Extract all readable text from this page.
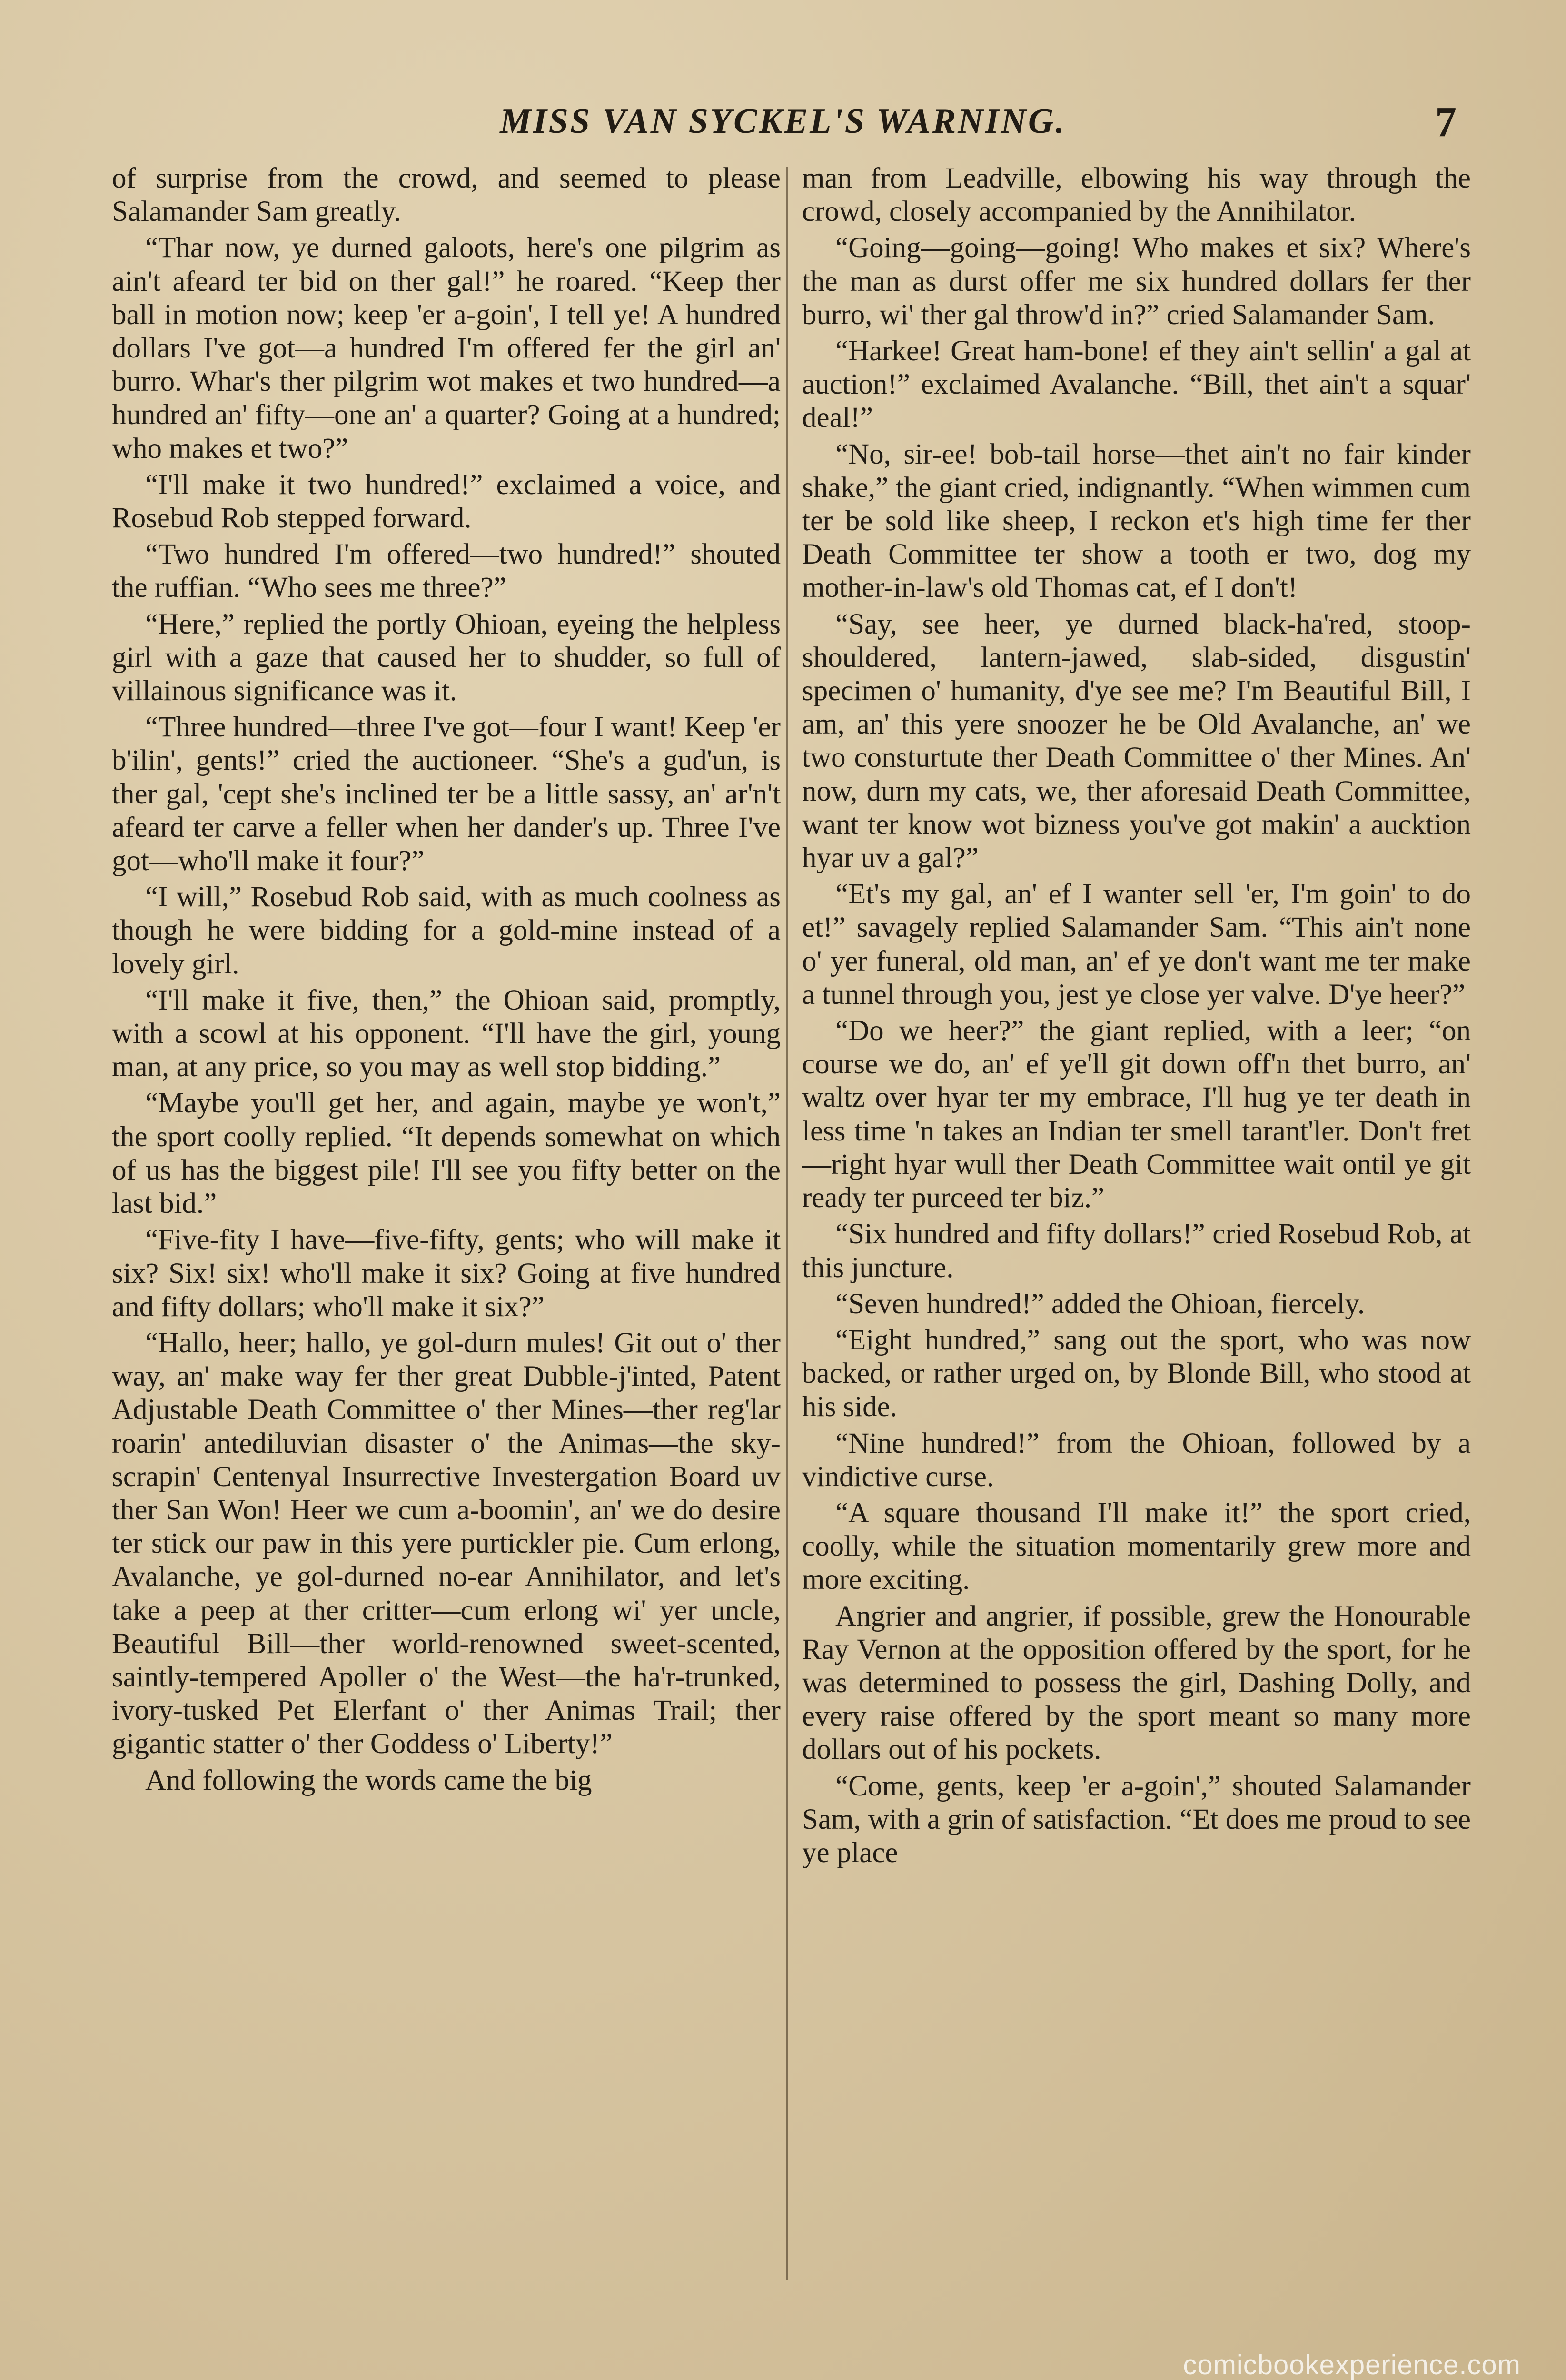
MISS VAN SYCKEL'S WARNING.	7

of surprise from the crowd, and seemed to please Salamander Sam greatly.

“Thar now, ye durned galoots, here's one pilgrim as ain't afeard ter bid on ther gal!” he roared. “Keep ther ball in motion now; keep 'er a-goin', I tell ye! A hundred dollars I've got—a hundred I'm offered fer the girl an' burro. Whar's ther pilgrim wot makes et two hundred—a hundred an' fifty—one an' a quarter? Going at a hundred; who makes et two?”

“I'll make it two hundred!” exclaimed a voice, and Rosebud Rob stepped forward.

“Two hundred I'm offered—two hundred!” shouted the ruffian. “Who sees me three?”

“Here,” replied the portly Ohioan, eyeing the helpless girl with a gaze that caused her to shudder, so full of villainous significance was it.

“Three hundred—three I've got—four I want! Keep 'er b'ilin', gents!” cried the auctioneer. “She's a gud'un, is ther gal, 'cept she's inclined ter be a little sassy, an' ar'n't afeard ter carve a feller when her dander's up. Three I've got—who'll make it four?”

“I will,” Rosebud Rob said, with as much coolness as though he were bidding for a gold-mine instead of a lovely girl.

“I'll make it five, then,” the Ohioan said, promptly, with a scowl at his opponent. “I'll have the girl, young man, at any price, so you may as well stop bidding.”

“Maybe you'll get her, and again, maybe ye won't,” the sport coolly replied. “It depends somewhat on which of us has the biggest pile! I'll see you fifty better on the last bid.”

“Five-fity I have—five-fifty, gents; who will make it six? Six! six! who'll make it six? Going at five hundred and fifty dollars; who'll make it six?”

“Hallo, heer; hallo, ye gol-durn mules! Git out o' ther way, an' make way fer ther great Dubble-j'inted, Patent Adjustable Death Committee o' ther Mines—ther reg'lar roarin' antediluvian disaster o' the Animas—the sky-scrapin' Centenyal Insurrective Investergation Board uv ther San Won! Heer we cum a-boomin', an' we do desire ter stick our paw in this yere purtickler pie. Cum erlong, Avalanche, ye gol-durned no-ear Annihilator, and let's take a peep at ther critter—cum erlong wi' yer uncle, Beautiful Bill—ther world-renowned sweet-scented, saintly-tempered Apoller o' the West—the ha'r-trunked, ivory-tusked Pet Elerfant o' ther Animas Trail; ther gigantic statter o' ther Goddess o' Liberty!”

And following the words came the big

man from Leadville, elbowing his way through the crowd, closely accompanied by the Annihilator.

“Going—going—going! Who makes et six? Where's the man as durst offer me six hundred dollars fer ther burro, wi' ther gal throw'd in?” cried Salamander Sam.

“Harkee! Great ham-bone! ef they ain't sellin' a gal at auction!” exclaimed Avalanche. “Bill, thet ain't a squar' deal!”

“No, sir-ee! bob-tail horse—thet ain't no fair kinder shake,” the giant cried, indignantly. “When wimmen cum ter be sold like sheep, I reckon et's high time fer ther Death Committee ter show a tooth er two, dog my mother-in-law's old Thomas cat, ef I don't!

“Say, see heer, ye durned black-ha'red, stoop-shouldered, lantern-jawed, slab-sided, disgustin' specimen o' humanity, d'ye see me? I'm Beautiful Bill, I am, an' this yere snoozer he be Old Avalanche, an' we two consturtute ther Death Committee o' ther Mines. An' now, durn my cats, we, ther aforesaid Death Committee, want ter know wot bizness you've got makin' a aucktion hyar uv a gal?”

“Et's my gal, an' ef I wanter sell 'er, I'm goin' to do et!” savagely replied Salamander Sam. “This ain't none o' yer funeral, old man, an' ef ye don't want me ter make a tunnel through you, jest ye close yer valve. D'ye heer?”

“Do we heer?” the giant replied, with a leer; “on course we do, an' ef ye'll git down off'n thet burro, an' waltz over hyar ter my embrace, I'll hug ye ter death in less time 'n takes an Indian ter smell tarant'ler. Don't fret—right hyar wull ther Death Committee wait ontil ye git ready ter purceed ter biz.”

“Six hundred and fifty dollars!” cried Rosebud Rob, at this juncture.

“Seven hundred!” added the Ohioan, fiercely.

“Eight hundred,” sang out the sport, who was now backed, or rather urged on, by Blonde Bill, who stood at his side.

“Nine hundred!” from the Ohioan, followed by a vindictive curse.

“A square thousand I'll make it!” the sport cried, coolly, while the situation momentarily grew more and more exciting.

Angrier and angrier, if possible, grew the Honourable Ray Vernon at the opposition offered by the sport, for he was determined to possess the girl, Dashing Dolly, and every raise offered by the sport meant so many more dollars out of his pockets.

“Come, gents, keep 'er a-goin',” shouted Salamander Sam, with a grin of satisfaction. “Et does me proud to see ye place

comicbookexperience.com
